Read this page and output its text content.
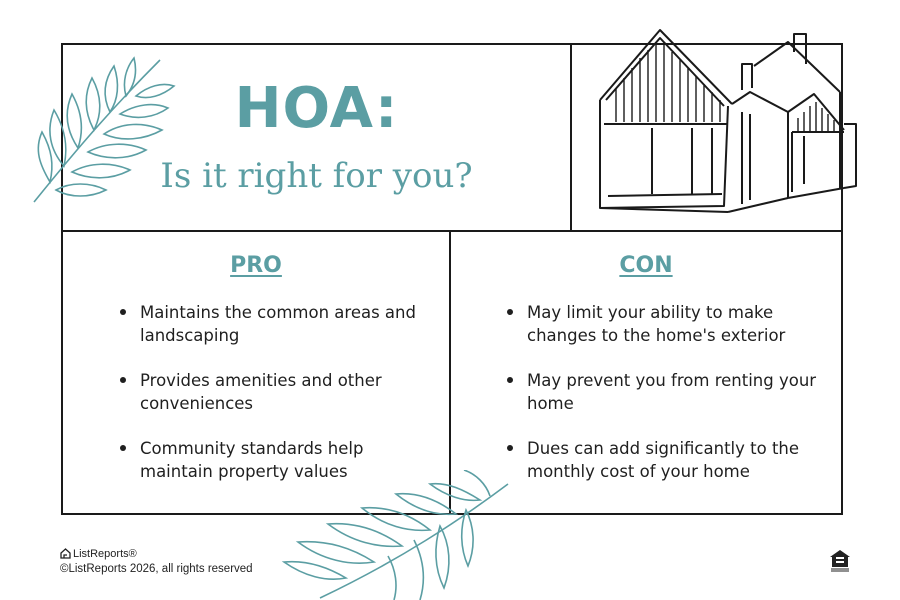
HOA:
Is it right for you?
PRO
Maintains the common areas and landscaping
Provides amenities and other conveniences
Community standards help maintain property values
CON
May limit your ability to make changes to the home's exterior
May prevent you from renting your home
Dues can add significantly to the monthly cost of your home
ListReports®
©ListReports 2026, all rights reserved
